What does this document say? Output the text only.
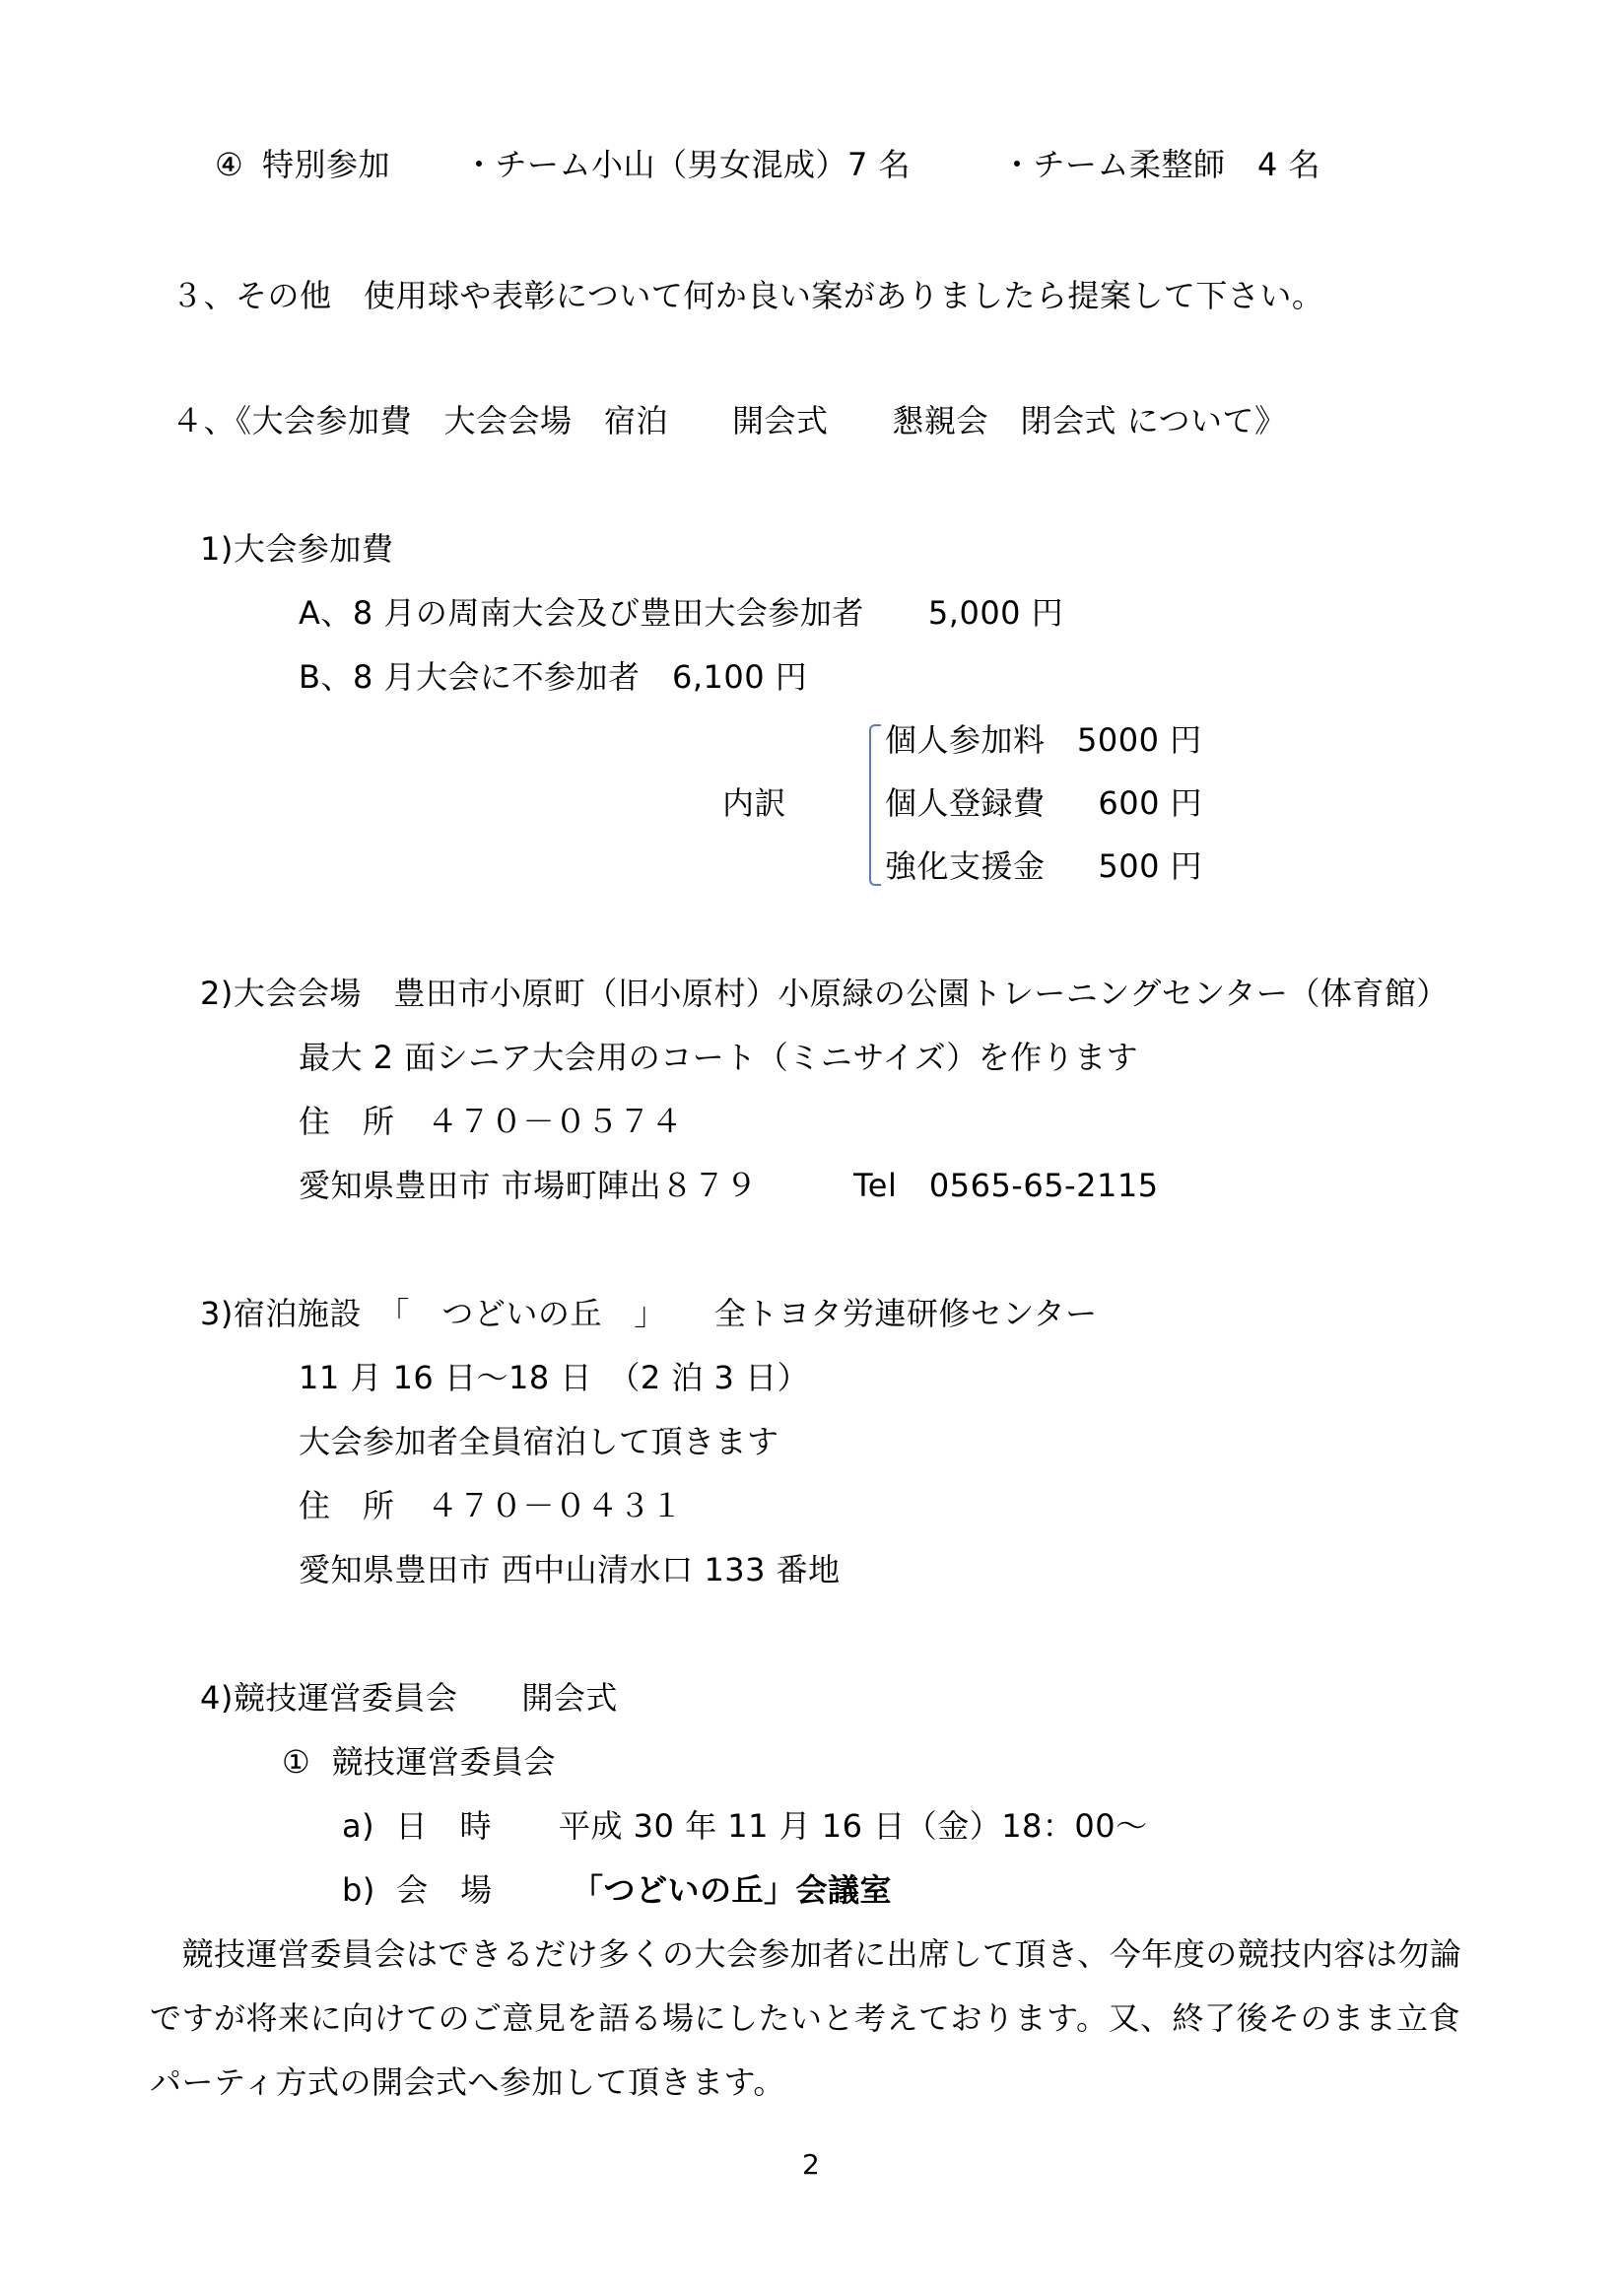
④ 特別参加 ・チーム小山（男女混成）7 名	・チーム柔整師　4 名
３、その他　使用球や表彰について何か良い案がありましたら提案して下さい。
４、《大会参加費　大会会場　宿泊　　開会式　　懇親会　閉会式 について》
1)大会参加費
A、8 月の周南大会及び豊田大会参加者　　5,000 円
B、8 月大会に不参加者　6,100 円
内訳
個人参加料　5000 円
個人登録費　  600 円
強化支援金　  500 円
2)大会会場　豊田市小原町（旧小原村）小原緑の公園トレーニングセンター（体育館）
最大 2 面シニア大会用のコート（ミニサイズ）を作ります
住　所　４７０－０５７４
愛知県豊田市 市場町陣出８７９　　　Tel　0565-65-2115
3)宿泊施設　「　つどいの丘　」　　全トヨタ労連研修センター
11 月 16 日～18 日　（2 泊 3 日）
大会参加者全員宿泊して頂きます
住　所　４７０－０４３１
愛知県豊田市 西中山清水口 133 番地
4)競技運営委員会　　開会式
①  競技運営委員会
a)  日　時 平成 30 年 11 月 16 日（金）18：00～
b)  会　場	「つどいの丘」会議室
　競技運営委員会はできるだけ多くの大会参加者に出席して頂き、今年度の競技内容は勿論
ですが将来に向けてのご意見を語る場にしたいと考えております。又、終了後そのまま立食
パーティ方式の開会式へ参加して頂きます。
2
